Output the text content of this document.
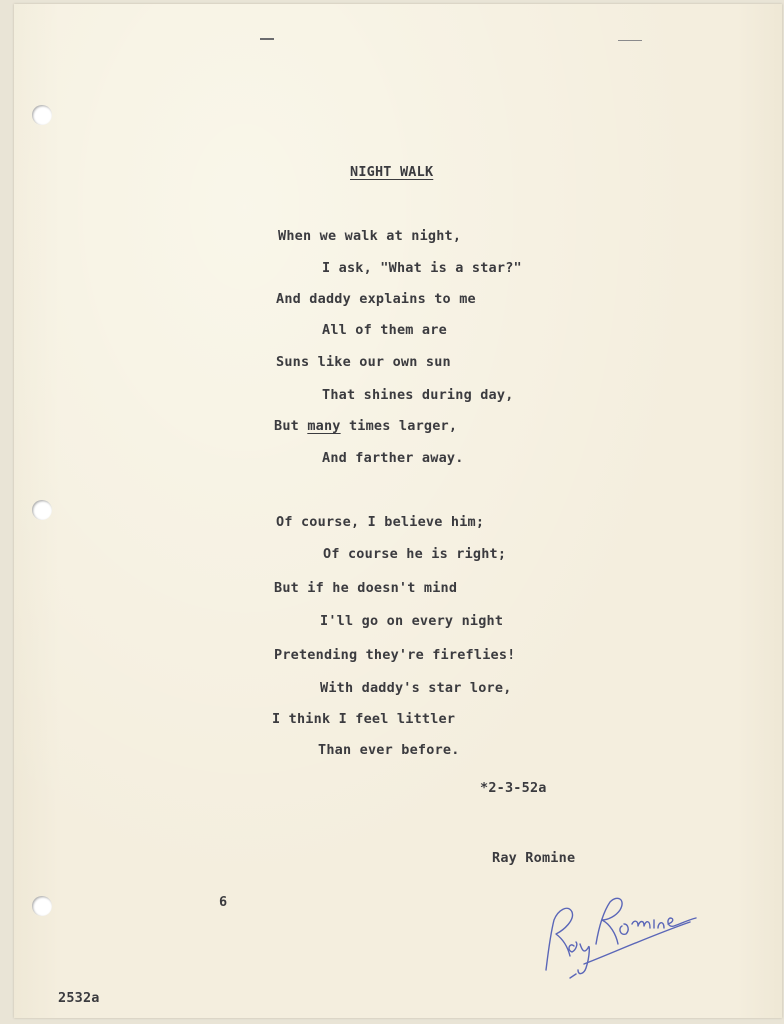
NIGHT WALK
When we walk at night,
I ask, "What is a star?"
And daddy explains to me
All of them are
Suns like our own sun
That shines during day,
But many times larger,
And farther away.
Of course, I believe him;
Of course he is right;
But if he doesn't mind
I'll go on every night
Pretending they're fireflies!
With daddy's star lore,
I think I feel littler
Than ever before.
*2-3-52a
Ray Romine
6
2532a
